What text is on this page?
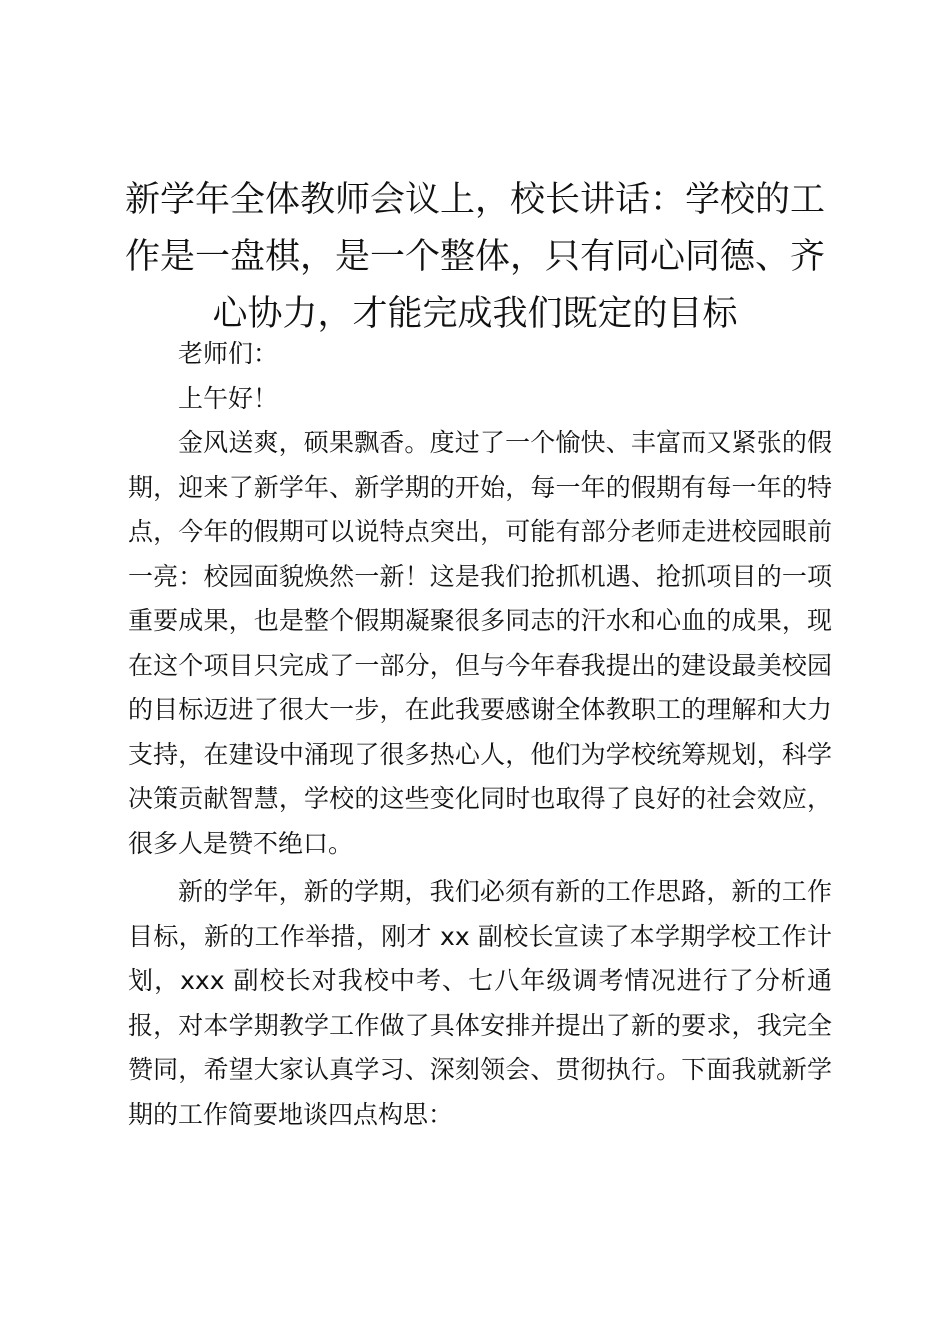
新学年全体教师会议上，校长讲话：学校的工作是一盘棋，是一个整体，只有同心同德、齐心协力，才能完成我们既定的目标

老师们：

上午好！

金风送爽，硕果飘香。度过了一个愉快、丰富而又紧张的假期，迎来了新学年、新学期的开始，每一年的假期有每一年的特点，今年的假期可以说特点突出，可能有部分老师走进校园眼前一亮：校园面貌焕然一新！这是我们抢抓机遇、抢抓项目的一项重要成果，也是整个假期凝聚很多同志的汗水和心血的成果，现在这个项目只完成了一部分，但与今年春我提出的建设最美校园的目标迈进了很大一步，在此我要感谢全体教职工的理解和大力支持，在建设中涌现了很多热心人，他们为学校统筹规划，科学决策贡献智慧，学校的这些变化同时也取得了良好的社会效应，很多人是赞不绝口。

新的学年，新的学期，我们必须有新的工作思路，新的工作目标，新的工作举措，刚才 xx 副校长宣读了本学期学校工作计划，xxx 副校长对我校中考、七八年级调考情况进行了分析通报，对本学期教学工作做了具体安排并提出了新的要求，我完全赞同，希望大家认真学习、深刻领会、贯彻执行。下面我就新学期的工作简要地谈四点构思：
